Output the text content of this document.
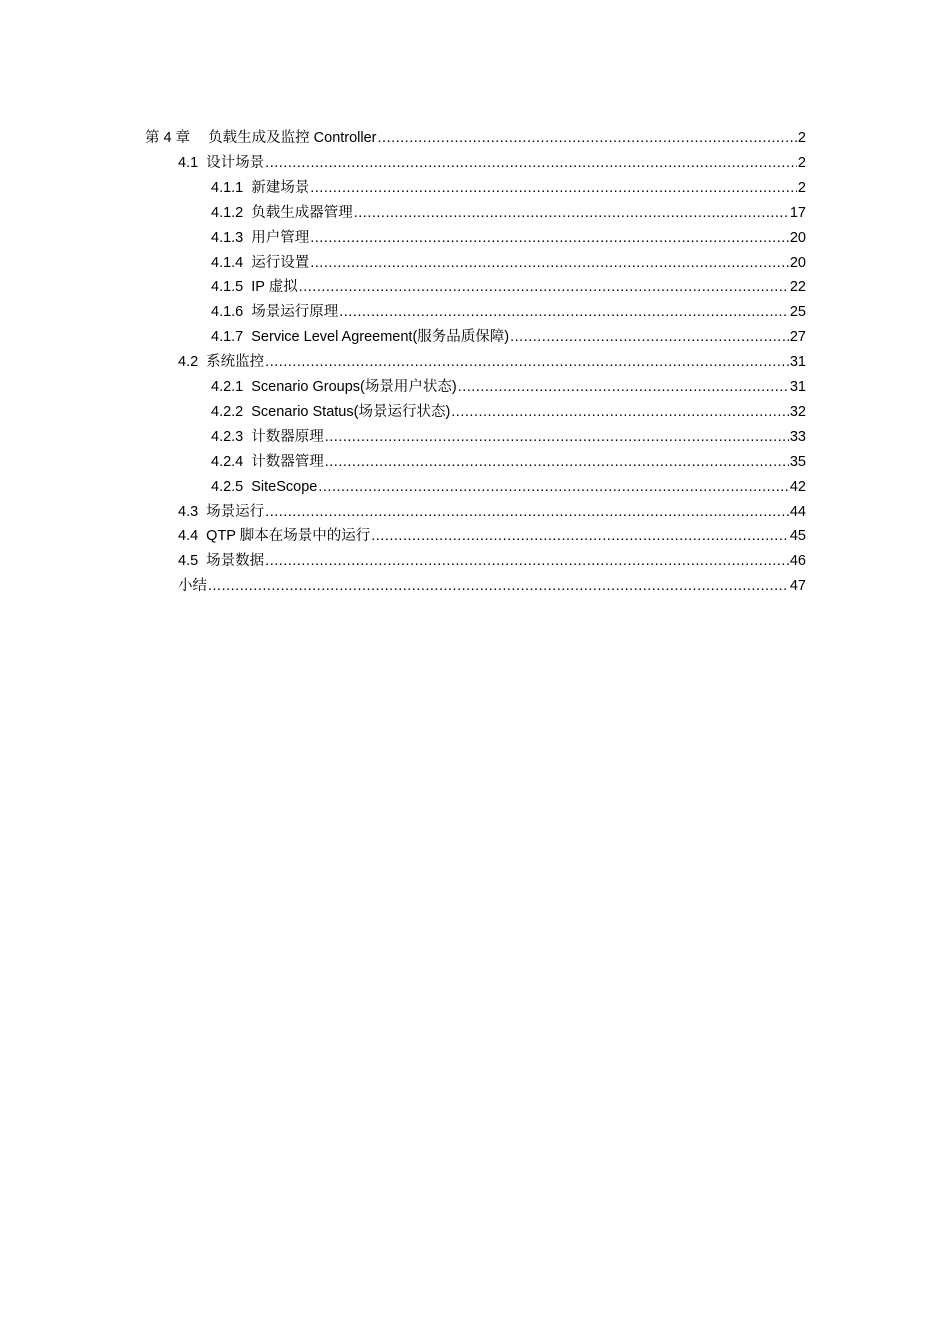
第 4 章 负载生成及监控 Controller .....	2
4.1 设计场景 .....	2
4.1.1 新建场景 .....	2
4.1.2 负载生成器管理 .....	17
4.1.3 用户管理 .....	20
4.1.4 运行设置 .....	20
4.1.5 IP 虚拟 .....	22
4.1.6 场景运行原理 .....	25
4.1.7 Service Level Agreement(服务品质保障) .....	27
4.2 系统监控 .....	31
4.2.1 Scenario Groups(场景用户状态) .....	31
4.2.2 Scenario Status(场景运行状态) .....	32
4.2.3 计数器原理 .....	33
4.2.4 计数器管理 .....	35
4.2.5 SiteScope .....	42
4.3 场景运行 .....	44
4.4 QTP 脚本在场景中的运行 .....	45
4.5 场景数据 .....	46
小结 .....	47
